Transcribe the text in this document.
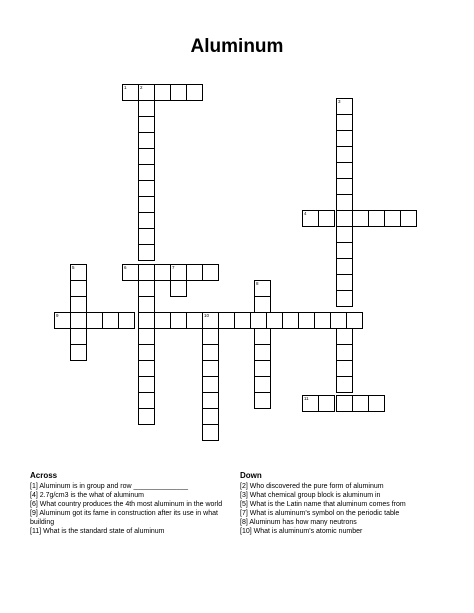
Aluminum
1	2
6	7
5
9	10
8
3
4
11
Across

[1] Aluminum is in group and row ______________

[4] 2.7g/cm3 is the what of aluminum

[6] What country produces the 4th most aluminum in the world

[9] Aluminum got its fame in construction after its use in what building

[11] What is the standard state of aluminum

Down

[2] Who discovered the pure form of aluminum

[3] What chemical group block is aluminum in

[5] What is the Latin name that aluminum comes from

[7] What is aluminum's symbol on the periodic table

[8] Aluminum has how many neutrons

[10] What is aluminum's atomic number
